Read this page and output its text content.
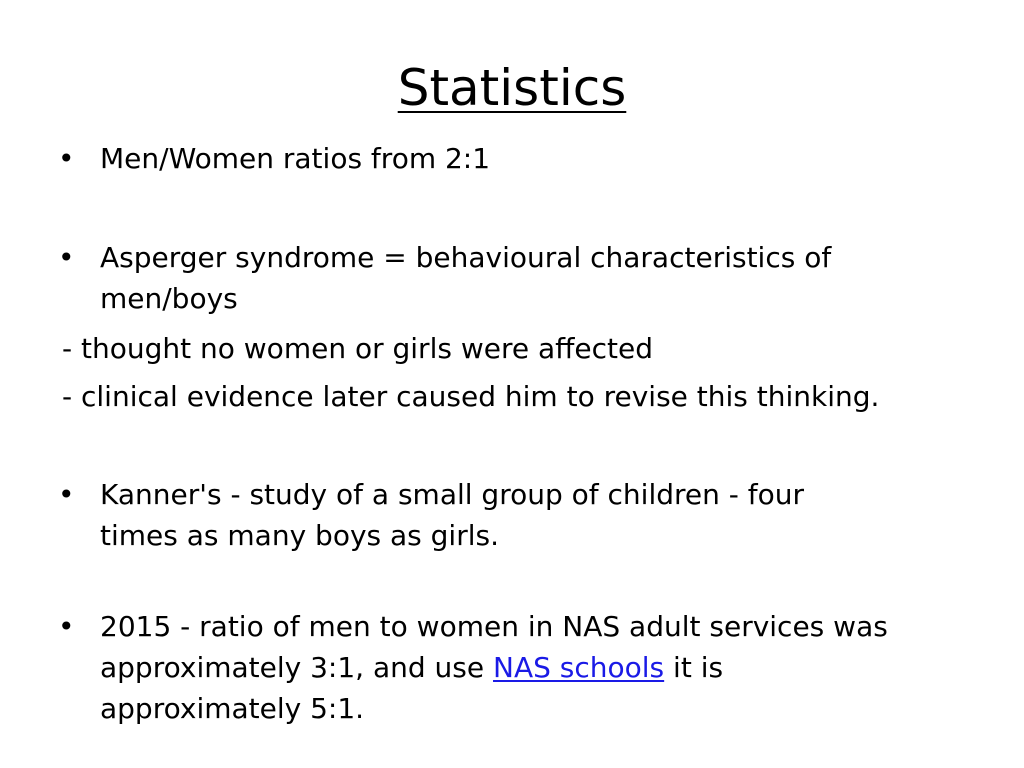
Statistics
• Men/Women ratios from 2:1
• Asperger syndrome = behavioural characteristics of
men/boys
- thought no women or girls were affected
- clinical evidence later caused him to revise this thinking.
• Kanner's - study of a small group of children - four
times as many boys as girls.
• 2015 - ratio of men to women in NAS adult services was
approximately 3:1, and use NAS schools it is
approximately 5:1.
